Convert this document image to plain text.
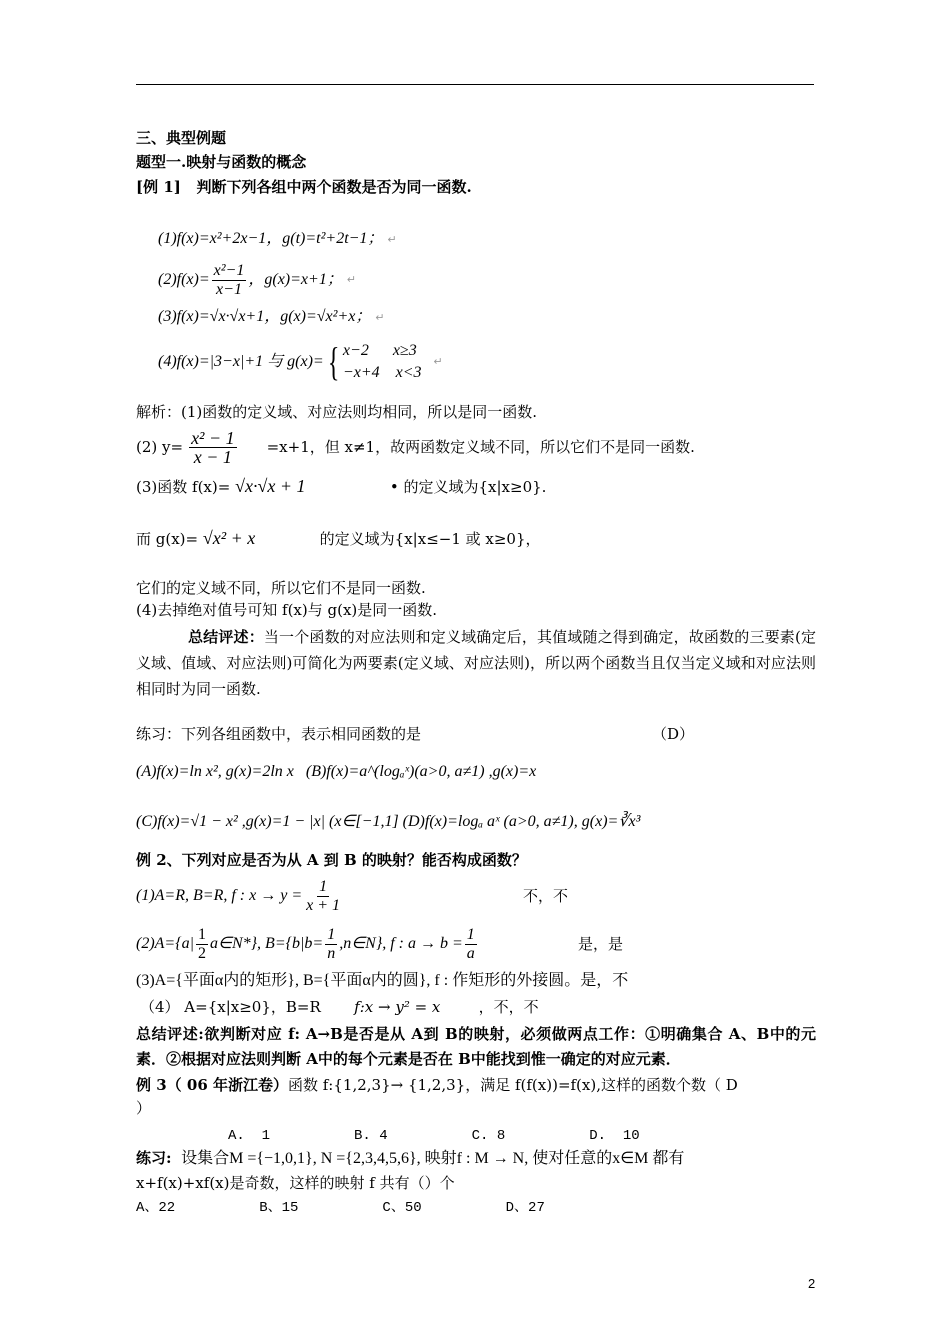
三、典型例题
题型一.映射与函数的概念
[例 1] 判断下列各组中两个函数是否为同一函数.
(1)f(x)=x²+2x−1，g(t)=t²+2t−1； ↵
$(2)f(x)= \frac{\text{x²−1}}{x-1}$ ，g(x)=x+1；
↵
(3)f(x)=√x·√x+1，g(x)=√x²+x； ↵
(4)f(x)=|3−x|+1 与 g(x)= { x−2      x≥3
−x+4    x<3

↵
解析：(1)函数的定义域、对应法则均相同，所以是同一函数.
(2) $y= \frac{\text{x² − 1}}{x - 1} =x+1$，但 x≠1，故两函数定义域不同，所以它们不是同一函数.
(3)函数 f(x)= √x·√x + 1	• 的定义域为{x|x≥0}.
而 g(x)= √x² + x	的定义域为{x|x≤−1 或 x≥0}，
它们的定义域不同，所以它们不是同一函数.
(4)去掉绝对值号可知 f(x)与 g(x)是同一函数.
总结评述：当一个函数的对应法则和定义域确定后，其值域随之得到确定，故函数的三要素(定义域、值域、对应法则)可简化为两要素(定义域、对应法则)，所以两个函数当且仅当定义域和对应法则相同时为同一函数.
练习：下列各组函数中，表示相同函数的是	（D）
(A)f(x)=ln x², g(x)=2ln x (B)f(x)=a^(logₐˣ)(a>0, a≠1) ,g(x)=x
(C)f(x)=√1 − x² ,g(x)=1 − |x| (x∈[−1,1] (D)f(x)=logₐ aˣ (a>0, a≠1), g(x)=∛x³
例 2、下列对应是否为从 A 到 B 的映射？能否构成函数？
(1)A=R, B=R, f : $x \to y = \frac{1}{x + 1}$	不，不
$(2)A=\{a| \frac{1}{2}$ a∈N*}, $B=\{b|b= \frac{1}{n}$ ,n∈N}, f : $a \to b = \frac{1}{a}$	是，是
(3)A={平面α内的矩形}, B={平面α内的圆}, f : 作矩形的外接圆。是，不
（4） A={x|x≥0}，B=R f:x → y² = x	，不，不
总结评述:欲判断对应 f: A→B是否是从 A到 B的映射，必须做两点工作：①明确集合 A、B中的元素．②根据对应法则判断 A中的每个元素是否在 B中能找到惟一确定的对应元素．
例 3（ 06 年浙江卷）函数 f:{1,2,3}→ {1,2,3}，满足 f(f(x))=f(x),这样的函数个数（ D
）
A.  1          B. 4          C. 8          D.  10
练习: 设集合M ={−1,0,1}, N ={2,3,4,5,6}, 映射f : M → N, 使对任意的x∈M 都有
x+f(x)+xf(x)是奇数，这样的映射 f 共有（）个
A、22          B、15          C、50          D、27
2
